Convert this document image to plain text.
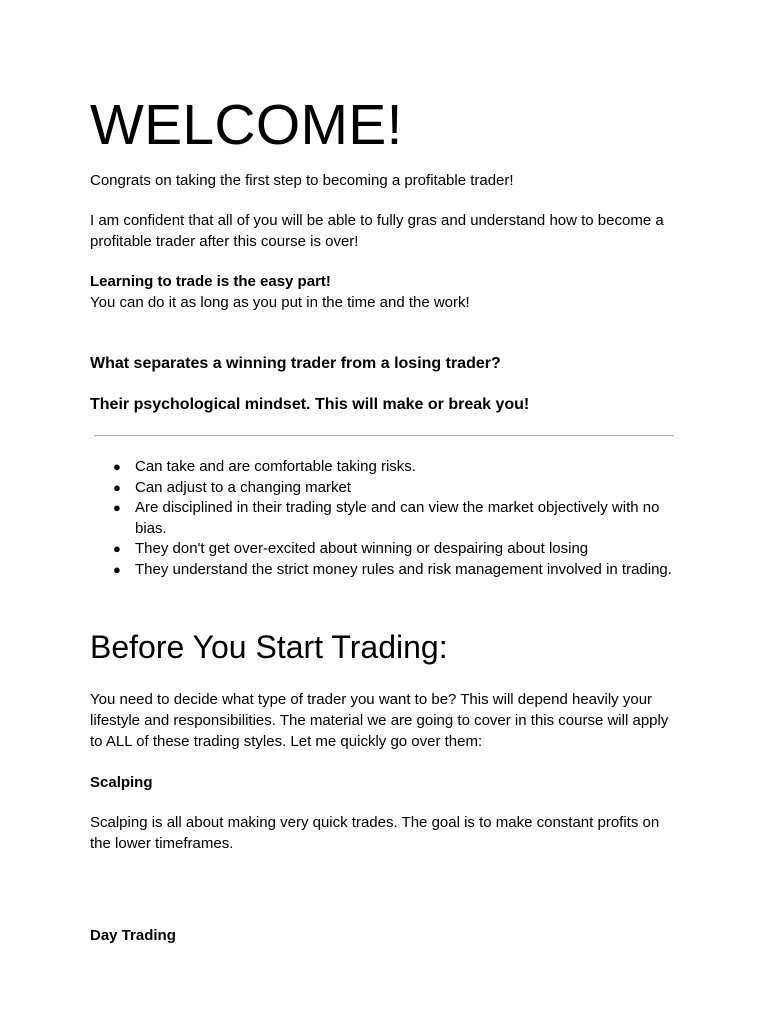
WELCOME!

Congrats on taking the first step to becoming a profitable trader!

I am confident that all of you will be able to fully gras and understand how to become a profitable trader after this course is over!

Learning to trade is the easy part!

You can do it as long as you put in the time and the work!

What separates a winning trader from a losing trader?

Their psychological mindset. This will make or break you!

● Can take and are comfortable taking risks.
● Can adjust to a changing market
● Are disciplined in their trading style and can view the market objectively with no bias.
● They don't get over-excited about winning or despairing about losing
● They understand the strict money rules and risk management involved in trading.
Before You Start Trading:

You need to decide what type of trader you want to be? This will depend heavily your lifestyle and responsibilities. The material we are going to cover in this course will apply to ALL of these trading styles. Let me quickly go over them:

Scalping

Scalping is all about making very quick trades. The goal is to make constant profits on the lower timeframes.

Day Trading
